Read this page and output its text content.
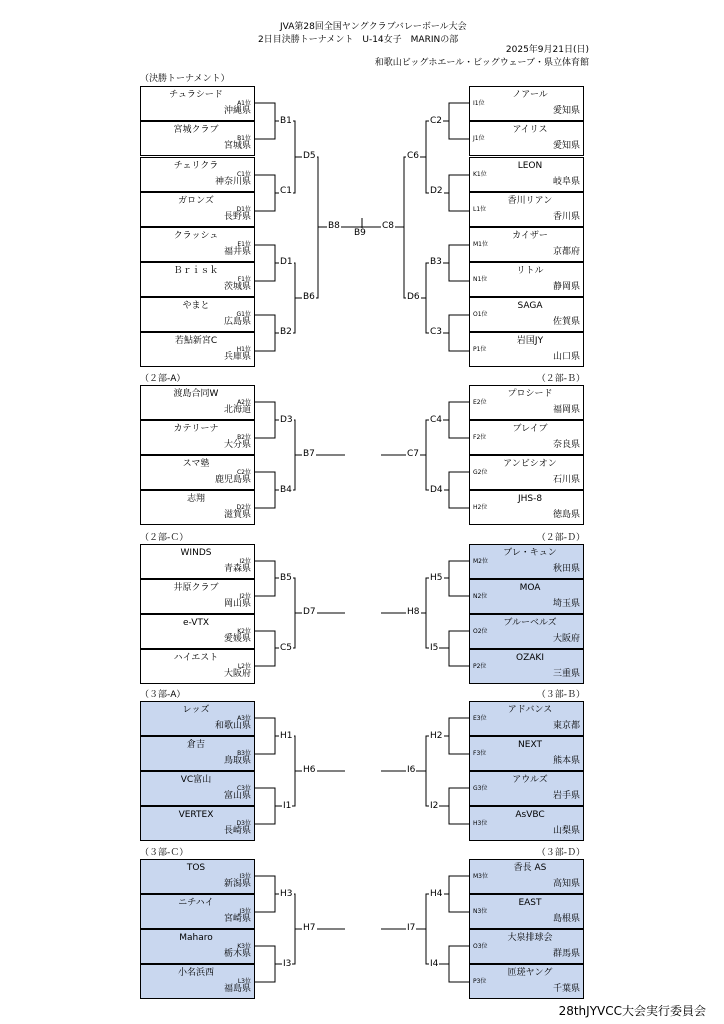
JVA第28回全国ヤングクラブバレーボール大会
2日目決勝トーナメント　U-14女子　MARINの部
2025年9月21日(日)
和歌山ビッグホエール・ビッグウェーブ・県立体育館
（決勝トーナメント）
（２部-A）	（２部-Ｂ）
（２部-Ｃ）	（２部-Ｄ）
（３部-A）	（３部-Ｂ）
（３部-Ｃ）	（３部-Ｄ）
チュラシード
沖縄県
A1位
宮城クラブ
宮城県
B1位
チェリクラ
神奈川県
C1位
ガロンズ
長野県
D1位
クラッシュ
福井県
E1位
Ｂｒｉｓｋ
茨城県
F1位
やまと
広島県
G1位
若鮎新宮C
兵庫県
H1位
ノアール
愛知県
I1位
アイリス
愛知県
J1位
LEON
岐阜県
K1位
香川リアン
香川県
L1位
カイザー
京都府
M1位
リトル
静岡県
N1位
SAGA
佐賀県
O1位
岩国JY
山口県
P1位
渡島合同W
北海道
A2位
カテリーナ
大分県
B2位
スマ塾
鹿児島県
C2位
志翔
滋賀県
D2位
プロシード
福岡県
E2位
ブレイブ
奈良県
F2位
アンビシオン
石川県
G2位
JHS-8
徳島県
H2位
WINDS
青森県
I2位
井原クラブ
岡山県
J2位
e-VTX
愛媛県
K2位
ハイエスト
大阪府
L2位
ブレ・キュン
秋田県
M2位
MOA
埼玉県
N2位
ブルーベルズ
大阪府
O2位
OZAKI
三重県
P2位
レッズ
和歌山県
A3位
倉吉
鳥取県
B3位
VC富山
富山県
C3位
VERTEX
長崎県
D3位
アドバンス
東京都
E3位
NEXT
熊本県
F3位
アウルズ
岩手県
G3位
AsVBC
山梨県
H3位
TOS
新潟県
I3位
ニチハイ
宮崎県
J3位
Maharo
栃木県
K3位
小名浜西
福島県
L3位
香長 AS
高知県
M3位
EAST
島根県
N3位
大泉排球会
群馬県
O3位
匝瑳ヤング
千葉県
P3位
B1
C1
D1
B2
D5
B6
B8
B9
C8
C6
D6
C2
D2
B3
C3
D3
B4
B7	C7
C4
D4
B5
C5
D7	H8
H5
I5
H1
I1
H6	I6
H2
I2
H3
I3
H7	I7
H4
I4
28thJYVCC大会実行委員会
